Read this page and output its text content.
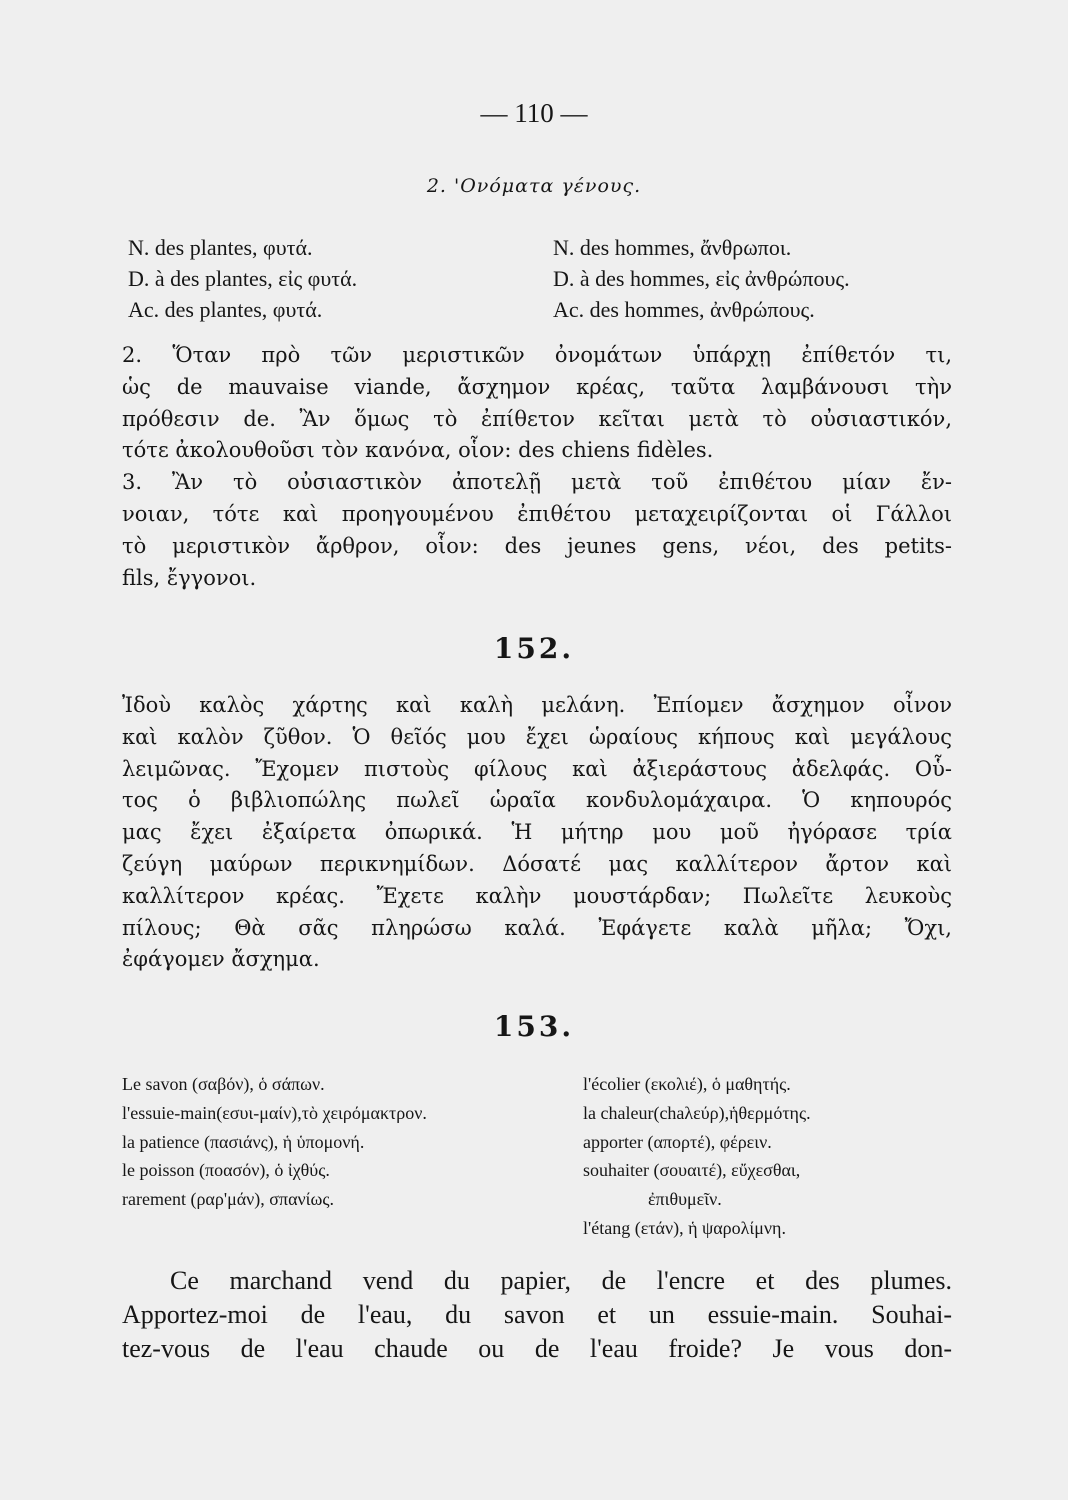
— 110 —
2. 'Ονόματα γένους.
N. des plantes, φυτά.
D. à des plantes, εἰς φυτά.
Ac. des plantes, φυτά.
N. des hommes, ἄνθρωποι.
D. à des hommes, εἰς ἀνθρώπους.
Ac. des hommes, ἀνθρώπους.
2. Ὅταν πρὸ τῶν μεριστικῶν ὀνομάτων ὑπάρχῃ ἐπίθετόν τι,
ὡς de mauvaise viande, ἄσχημον κρέας, ταῦτα λαμβάνουσι τὴν
πρόθεσιν de. Ἂν ὅμως τὸ ἐπίθετον κεῖται μετὰ τὸ οὐσιαστικόν,
τότε ἀκολουθοῦσι τὸν κανόνα, οἷον: des chiens fidèles.
3. Ἂν τὸ οὐσιαστικὸν ἀποτελῇ μετὰ τοῦ ἐπιθέτου μίαν ἔν-
νοιαν, τότε καὶ προηγουμένου ἐπιθέτου μεταχειρίζονται οἱ Γάλλοι
τὸ μεριστικὸν ἄρθρον, οἷον: des jeunes gens, νέοι, des petits-
fils, ἔγγονοι.
152.
Ἰδοὺ καλὸς χάρτης καὶ καλὴ μελάνη. Ἐπίομεν ἄσχημον οἶνον
καὶ καλὸν ζῦθον. Ὁ θεῖός μου ἔχει ὡραίους κήπους καὶ μεγάλους
λειμῶνας. Ἔχομεν πιστοὺς φίλους καὶ ἀξιεράστους ἀδελφάς. Οὗ-
τος ὁ βιβλιοπώλης πωλεῖ ὡραῖα κονδυλομάχαιρα. Ὁ κηπουρός
μας ἔχει ἐξαίρετα ὀπωρικά. Ἡ μήτηρ μου μοῦ ἠγόρασε τρία
ζεύγη μαύρων περικνημίδων. Δόσατέ μας καλλίτερον ἄρτον καὶ
καλλίτερον κρέας. Ἔχετε καλὴν μουστάρδαν; Πωλεῖτε λευκοὺς
πίλους; Θὰ σᾶς πληρώσω καλά. Ἐφάγετε καλὰ μῆλα; Ὄχι,
ἐφάγομεν ἄσχημα.
153.
Le savon (σαβόν), ὁ σάπων.
l'essuie-main(εσυι-μαίν),τὸ χειρόμακτρον.
la patience (πασιάνς), ἡ ὑπομονή.
le poisson (ποασόν), ὁ ἰχθύς.
rarement (ραρ'μάν), σπανίως.
l'écolier (εκολιέ), ὁ μαθητής.
la chaleur(chaλεύρ),ἡθερμότης.
apporter (απορτέ), φέρειν.
souhaiter (σουαιτέ), εὔχεσθαι,
ἐπιθυμεῖν.
l'étang (ετάν), ἡ ψαρολίμνη.
Ce marchand vend du papier, de l'encre et des plumes.
Apportez-moi de l'eau, du savon et un essuie-main. Souhai-
tez-vous de l'eau chaude ou de l'eau froide? Je vous don-
